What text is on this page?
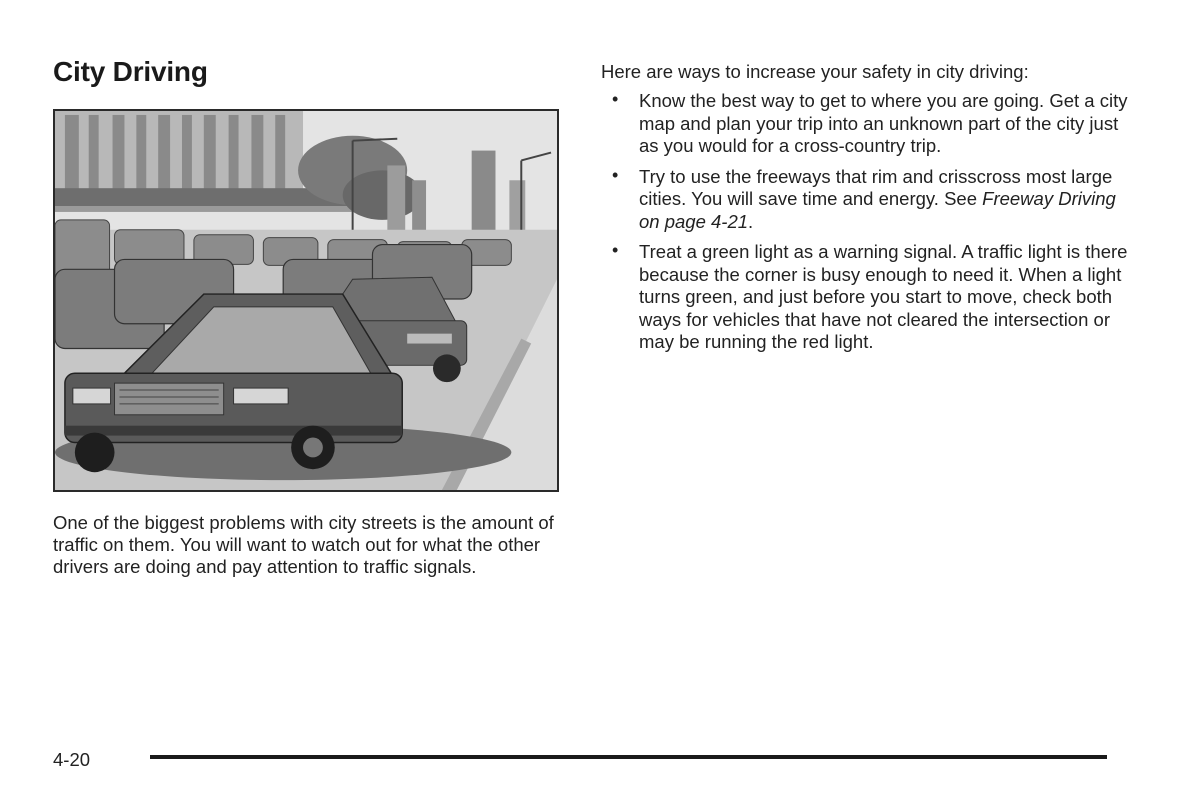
City Driving

One of the biggest problems with city streets is the amount of traffic on them. You will want to watch out for what the other drivers are doing and pay attention to traffic signals.

Here are ways to increase your safety in city driving:

• Know the best way to get to where you are going. Get a city map and plan your trip into an unknown part of the city just as you would for a cross-country trip.
• Try to use the freeways that rim and crisscross most large cities. You will save time and energy. See Freeway Driving on page 4-21.
• Treat a green light as a warning signal. A traffic light is there because the corner is busy enough to need it. When a light turns green, and just before you start to move, check both ways for vehicles that have not cleared the intersection or may be running the red light.
4-20
